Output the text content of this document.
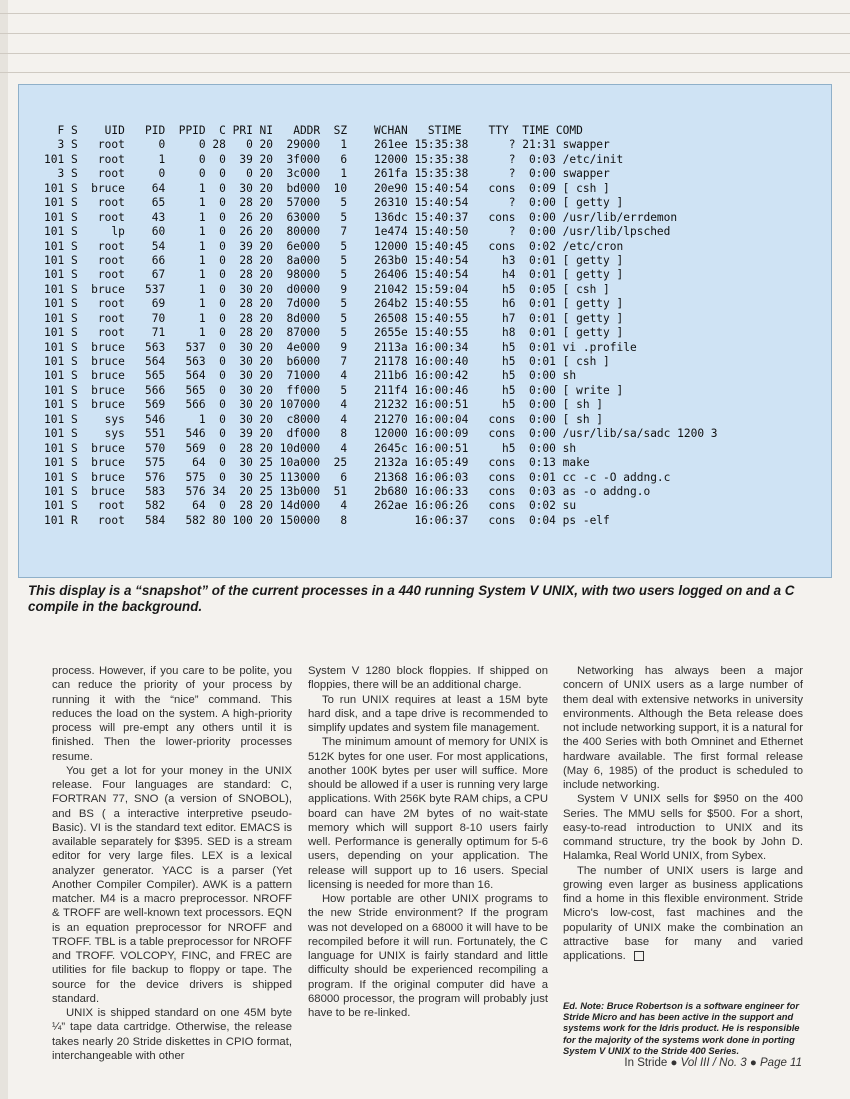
F S    UID   PID  PPID  C PRI NI   ADDR  SZ    WCHAN   STIME    TTY  TIME COMD
3 S   root     0     0 28   0 20  29000   1    261ee 15:35:38      ? 21:31 swapper
101 S   root     1     0  0  39 20  3f000   6    12000 15:35:38      ?  0:03 /etc/init
3 S   root     0     0  0   0 20  3c000   1    261fa 15:35:38      ?  0:00 swapper
101 S  bruce    64     1  0  30 20  bd000  10    20e90 15:40:54   cons  0:09 [ csh ]
101 S   root    65     1  0  28 20  57000   5    26310 15:40:54      ?  0:00 [ getty ]
101 S   root    43     1  0  26 20  63000   5    136dc 15:40:37   cons  0:00 /usr/lib/errdemon
101 S     lp    60     1  0  26 20  80000   7    1e474 15:40:50      ?  0:00 /usr/lib/lpsched
101 S   root    54     1  0  39 20  6e000   5    12000 15:40:45   cons  0:02 /etc/cron
101 S   root    66     1  0  28 20  8a000   5    263b0 15:40:54     h3  0:01 [ getty ]
101 S   root    67     1  0  28 20  98000   5    26406 15:40:54     h4  0:01 [ getty ]
101 S  bruce   537     1  0  30 20  d0000   9    21042 15:59:04     h5  0:05 [ csh ]
101 S   root    69     1  0  28 20  7d000   5    264b2 15:40:55     h6  0:01 [ getty ]
101 S   root    70     1  0  28 20  8d000   5    26508 15:40:55     h7  0:01 [ getty ]
101 S   root    71     1  0  28 20  87000   5    2655e 15:40:55     h8  0:01 [ getty ]
101 S  bruce   563   537  0  30 20  4e000   9    2113a 16:00:34     h5  0:01 vi .profile
101 S  bruce   564   563  0  30 20  b6000   7    21178 16:00:40     h5  0:01 [ csh ]
101 S  bruce   565   564  0  30 20  71000   4    211b6 16:00:42     h5  0:00 sh
101 S  bruce   566   565  0  30 20  ff000   5    211f4 16:00:46     h5  0:00 [ write ]
101 S  bruce   569   566  0  30 20 107000   4    21232 16:00:51     h5  0:00 [ sh ]
101 S    sys   546     1  0  30 20  c8000   4    21270 16:00:04   cons  0:00 [ sh ]
101 S    sys   551   546  0  39 20  df000   8    12000 16:00:09   cons  0:00 /usr/lib/sa/sadc 1200 3
101 S  bruce   570   569  0  28 20 10d000   4    2645c 16:00:51     h5  0:00 sh
101 S  bruce   575    64  0  30 25 10a000  25    2132a 16:05:49   cons  0:13 make
101 S  bruce   576   575  0  30 25 113000   6    21368 16:06:03   cons  0:01 cc -c -O addng.c
101 S  bruce   583   576 34  20 25 13b000  51    2b680 16:06:33   cons  0:03 as -o addng.o
101 S   root   582    64  0  28 20 14d000   4    262ae 16:06:26   cons  0:02 su
101 R   root   584   582 80 100 20 150000   8          16:06:37   cons  0:04 ps -elf

This display is a “snapshot” of the current processes in a 440 running System V UNIX, with two users logged on and a C compile in the background.

process. However, if you care to be polite, you can reduce the priority of your process by running it with the “nice” command. This reduces the load on the system. A high-priority process will pre-empt any others until it is finished. Then the lower-priority processes resume.

You get a lot for your money in the UNIX release. Four languages are standard: C, FORTRAN 77, SNO (a version of SNOBOL), and BS ( a interactive interpretive pseudo-Basic). VI is the standard text editor. EMACS is available separately for $395. SED is a stream editor for very large files. LEX is a lexical analyzer generator. YACC is a parser (Yet Another Compiler Compiler). AWK is a pattern matcher. M4 is a macro preprocessor. NROFF & TROFF are well-known text processors. EQN is an equation preprocessor for NROFF and TROFF. TBL is a table preprocessor for NROFF and TROFF. VOLCOPY, FINC, and FREC are utilities for file backup to floppy or tape. The source for the device drivers is shipped standard.

UNIX is shipped standard on one 45M byte ¼” tape data cartridge. Otherwise, the release takes nearly 20 Stride diskettes in CPIO format, interchangeable with other

System V 1280 block floppies. If shipped on floppies, there will be an additional charge.

To run UNIX requires at least a 15M byte hard disk, and a tape drive is recommended to simplify updates and system file management.

The minimum amount of memory for UNIX is 512K bytes for one user. For most applications, another 100K bytes per user will suffice. More should be allowed if a user is running very large applications. With 256K byte RAM chips, a CPU board can have 2M bytes of no wait-state memory which will support 8-10 users fairly well. Performance is generally optimum for 5-6 users, depending on your application. The release will support up to 16 users. Special licensing is needed for more than 16.

How portable are other UNIX programs to the new Stride environment? If the program was not developed on a 68000 it will have to be recompiled before it will run. Fortunately, the C language for UNIX is fairly standard and little difficulty should be experienced recompiling a program. If the original computer did have a 68000 processor, the program will probably just have to be re-linked.

Networking has always been a major concern of UNIX users as a large number of them deal with extensive networks in university environments. Although the Beta release does not include networking support, it is a natural for the 400 Series with both Omninet and Ethernet hardware available. The first formal release (May 6, 1985) of the product is scheduled to include networking.

System V UNIX sells for $950 on the 400 Series. The MMU sells for $500. For a short, easy-to-read introduction to UNIX and its command structure, try the book by John D. Halamka, Real World UNIX, from Sybex.

The number of UNIX users is large and growing even larger as business applications find a home in this flexible environment. Stride Micro's low-cost, fast machines and the popularity of UNIX make the combination an attractive base for many and varied applications.

Ed. Note: Bruce Robertson is a software engineer for Stride Micro and has been active in the support and systems work for the Idris product. He is responsible for the majority of the systems work done in porting System V UNIX to the Stride 400 Series.
In Stride ● Vol III / No. 3 ● Page 11
